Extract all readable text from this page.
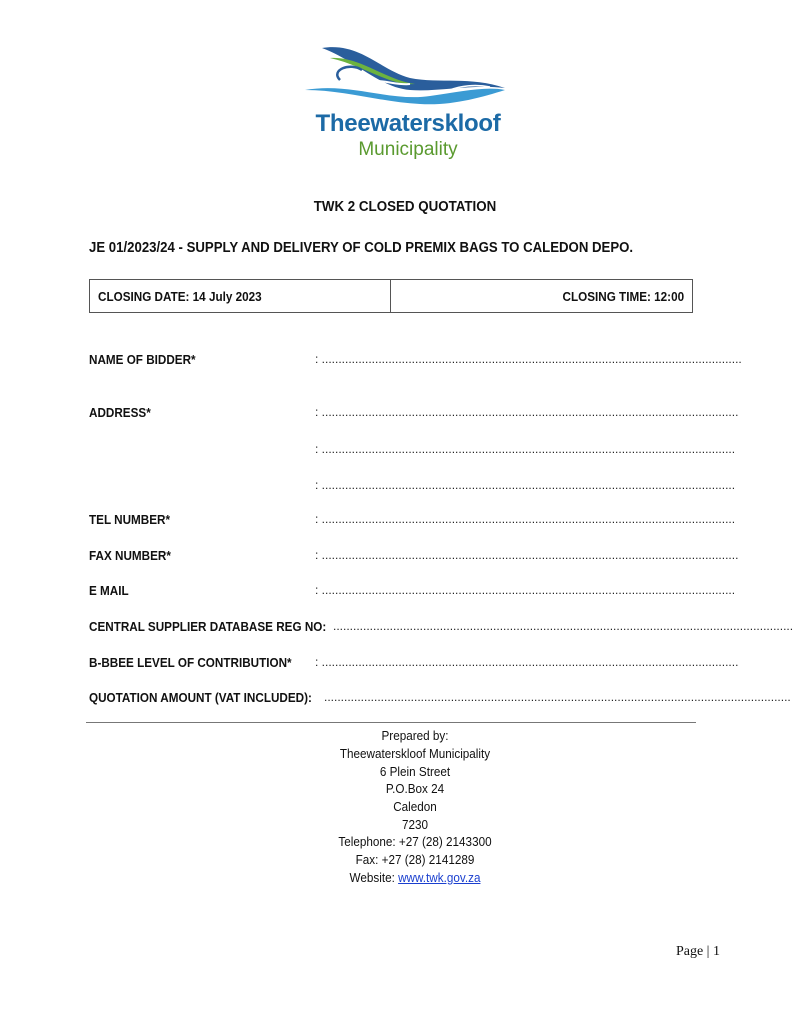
Theewaterskloof
Municipality
TWK 2 CLOSED QUOTATION
JE 01/2023/24 - SUPPLY AND DELIVERY OF COLD PREMIX BAGS TO CALEDON DEPO.
CLOSING DATE: 14 July 2023	CLOSING TIME: 12:00
NAME OF BIDDER*	: ..............................................................................................................................
ADDRESS*	: .............................................................................................................................
: ............................................................................................................................
: ............................................................................................................................
TEL NUMBER*	: ............................................................................................................................
FAX NUMBER*	: .............................................................................................................................
E MAIL	: ............................................................................................................................
CENTRAL SUPPLIER DATABASE REG NO: ..........................................................................................................................................
B-BBEE LEVEL OF CONTRIBUTION* : .............................................................................................................................
QUOTATION AMOUNT (VAT INCLUDED): ............................................................................................................................................
Prepared by:
Theewaterskloof Municipality
6 Plein Street
P.O.Box 24
Caledon
7230
Telephone: +27 (28) 2143300
Fax: +27 (28) 2141289
Website: www.twk.gov.za
Page | 1
